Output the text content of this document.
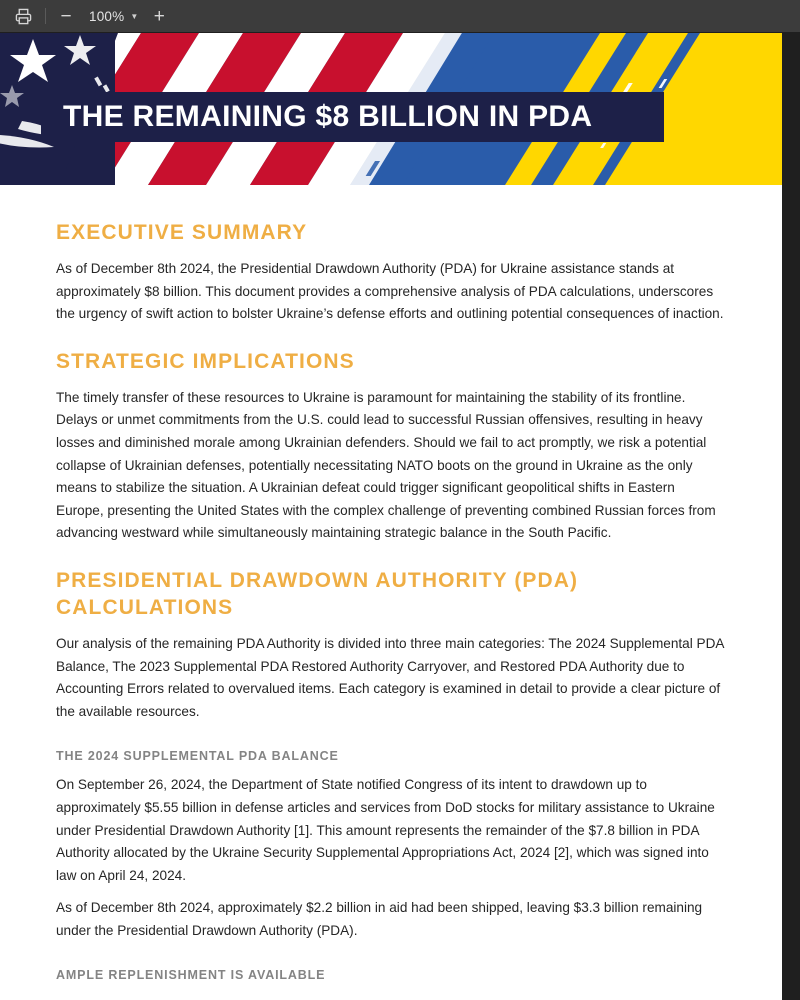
−	100% ▼ +
THE REMAINING $8 BILLION IN PDA
EXECUTIVE SUMMARY

As of December 8th 2024, the Presidential Drawdown Authority (PDA) for Ukraine assistance stands at approximately $8 billion. This document provides a comprehensive analysis of PDA calculations, underscores the urgency of swift action to bolster Ukraine’s defense efforts and outlining potential consequences of inaction.

STRATEGIC IMPLICATIONS

The timely transfer of these resources to Ukraine is paramount for maintaining the stability of its frontline. Delays or unmet commitments from the U.S. could lead to successful Russian offensives, resulting in heavy losses and diminished morale among Ukrainian defenders. Should we fail to act promptly, we risk a potential collapse of Ukrainian defenses, potentially necessitating NATO boots on the ground in Ukraine as the only means to stabilize the situation. A Ukrainian defeat could trigger significant geopolitical shifts in Eastern Europe, presenting the United States with the complex challenge of preventing combined Russian forces from advancing westward while simultaneously maintaining strategic balance in the South Pacific.

PRESIDENTIAL DRAWDOWN AUTHORITY (PDA) CALCULATIONS

Our analysis of the remaining PDA Authority is divided into three main categories: The 2024 Supplemental PDA Balance, The 2023 Supplemental PDA Restored Authority Carryover, and Restored PDA Authority due to Accounting Errors related to overvalued items. Each category is examined in detail to provide a clear picture of the available resources.

THE 2024 SUPPLEMENTAL PDA BALANCE

On September 26, 2024, the Department of State notified Congress of its intent to drawdown up to approximately $5.55 billion in defense articles and services from DoD stocks for military assistance to Ukraine under Presidential Drawdown Authority [1]. This amount represents the remainder of the $7.8 billion in PDA Authority allocated by the Ukraine Security Supplemental Appropriations Act, 2024 [2], which was signed into law on April 24, 2024.

As of December 8th 2024, approximately $2.2 billion in aid had been shipped, leaving $3.3 billion remaining under the Presidential Drawdown Authority (PDA).

AMPLE REPLENISHMENT IS AVAILABLE
